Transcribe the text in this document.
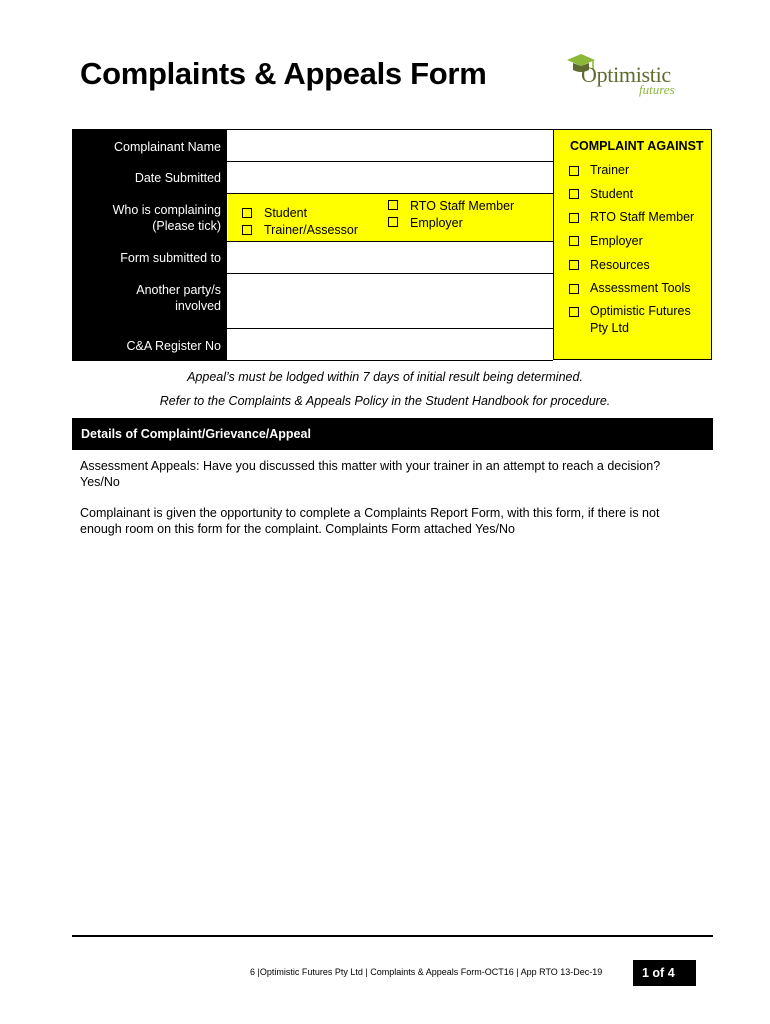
Complaints & Appeals Form	Optimistic
futures
Complainant Name
Date Submitted
Who is complaining
(Please tick)
Form submitted to
Another party/s
involved
C&A Register No
Student
Trainer/Assessor
RTO Staff Member
Employer
COMPLAINT AGAINST
Trainer
Student
RTO Staff Member
Employer
Resources
Assessment Tools
Optimistic Futures
Pty Ltd
Appeal’s must be lodged within 7 days of initial result being determined.
Refer to the Complaints & Appeals Policy in the Student Handbook for procedure.
Details of Complaint/Grievance/Appeal
Assessment Appeals: Have you discussed this matter with your trainer in an attempt to reach a decision?
Yes/No
Complainant is given the opportunity to complete a Complaints Report Form, with this form, if there is not
enough room on this form for the complaint. Complaints Form attached Yes/No
6 |Optimistic Futures Pty Ltd | Complaints & Appeals Form-OCT16 | App RTO 13-Dec-19	1 of 4
